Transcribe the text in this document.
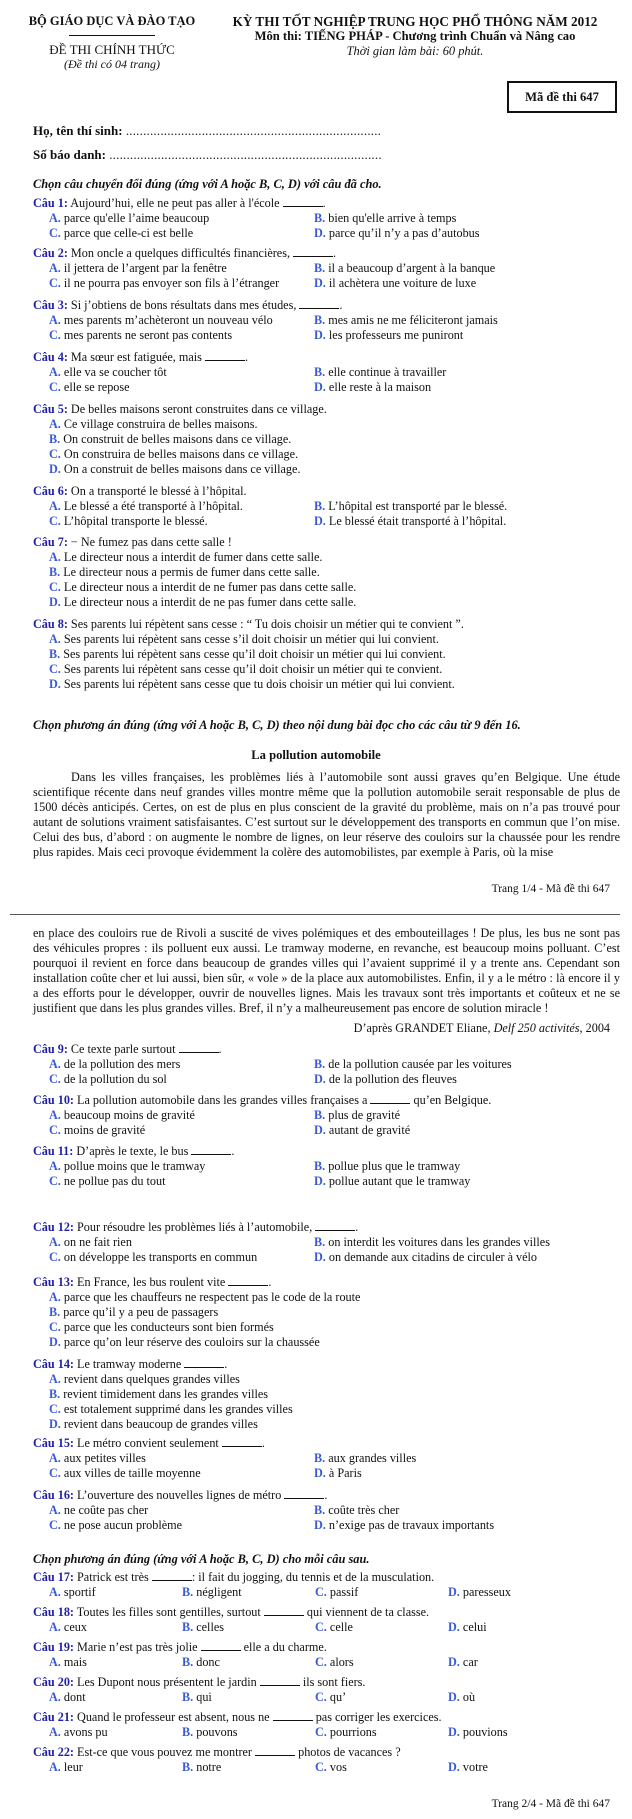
BỘ GIÁO DỤC VÀ ĐÀO TẠO
ĐỀ THI CHÍNH THỨC
(Đề thi có 04 trang)
KỲ THI TỐT NGHIỆP TRUNG HỌC PHỔ THÔNG NĂM 2012
Môn thi: TIẾNG PHÁP - Chương trình Chuẩn và Nâng cao
Thời gian làm bài: 60 phút.
Mã đề thi 647
Họ, tên thí sinh: ..........................................................................
Số báo danh: ...............................................................................
Chọn câu chuyển đổi đúng (ứng với A hoặc B, C, D) với câu đã cho.
Câu 1: Aujourd’hui, elle ne peut pas aller à l'école	.
A. parce qu'elle l’aime beaucoup	B. bien qu'elle arrive à temps
C. parce que celle-ci est belle	D. parce qu’il n’y a pas d’autobus
Câu 2: Mon oncle a quelques difficultés financières,	.
A. il jettera de l’argent par la fenêtre	B. il a beaucoup d’argent à la banque
C. il ne pourra pas envoyer son fils à l’étranger	D. il achètera une voiture de luxe
Câu 3: Si j’obtiens de bons résultats dans mes études,	.
A. mes parents m’achèteront un nouveau vélo	B. mes amis ne me féliciteront jamais
C. mes parents ne seront pas contents	D. les professeurs me puniront
Câu 4: Ma sœur est fatiguée, mais	.
A. elle va se coucher tôt	B. elle continue à travailler
C. elle se repose	D. elle reste à la maison
Câu 5: De belles maisons seront construites dans ce village.
A. Ce village construira de belles maisons.
B. On construit de belles maisons dans ce village.
C. On construira de belles maisons dans ce village.
D. On a construit de belles maisons dans ce village.
Câu 6: On a transporté le blessé à l’hôpital.
A. Le blessé a été transporté à l’hôpital.	B. L’hôpital est transporté par le blessé.
C. L’hôpital transporte le blessé.	D. Le blessé était transporté à l’hôpital.
Câu 7: − Ne fumez pas dans cette salle !
A. Le directeur nous a interdit de fumer dans cette salle.
B. Le directeur nous a permis de fumer dans cette salle.
C. Le directeur nous a interdit de ne fumer pas dans cette salle.
D. Le directeur nous a interdit de ne pas fumer dans cette salle.
Câu 8: Ses parents lui répètent sans cesse : “ Tu dois choisir un métier qui te convient ”.
A. Ses parents lui répètent sans cesse s’il doit choisir un métier qui lui convient.
B. Ses parents lui répètent sans cesse qu’il doit choisir un métier qui lui convient.
C. Ses parents lui répètent sans cesse qu’il doit choisir un métier qui te convient.
D. Ses parents lui répètent sans cesse que tu dois choisir un métier qui lui convient.
Chọn phương án đúng (ứng với A hoặc B, C, D) theo nội dung bài đọc cho các câu từ 9 đến 16.
La pollution automobile

Dans les villes françaises, les problèmes liés à l’automobile sont aussi graves qu’en Belgique. Une étude scientifique récente dans neuf grandes villes montre même que la pollution automobile serait responsable de plus de 1500 décès anticipés. Certes, on est de plus en plus conscient de la gravité du problème, mais on n’a pas trouvé pour autant de solutions vraiment satisfaisantes. C’est surtout sur le développement des transports en commun que l’on mise. Celui des bus, d’abord : on augmente le nombre de lignes, on leur réserve des couloirs sur la chaussée pour les rendre plus rapides. Mais ceci provoque évidemment la colère des automobilistes, par exemple à Paris, où la mise

Trang 1/4 - Mã đề thi 647

en place des couloirs rue de Rivoli a suscité de vives polémiques et des embouteillages ! De plus, les bus ne sont pas des véhicules propres : ils polluent eux aussi. Le tramway moderne, en revanche, est beaucoup moins polluant. C’est pourquoi il revient en force dans beaucoup de grandes villes qui l’avaient supprimé il y a trente ans. Cependant son installation coûte cher et lui aussi, bien sûr, « vole » de la place aux automobilistes. Enfin, il y a le métro : là encore il y a des efforts pour le développer, ouvrir de nouvelles lignes. Mais les travaux sont très importants et coûteux et ne se justifient que dans les plus grandes villes. Bref, il n’y a malheureusement pas encore de solution miracle !

D’après GRANDET Eliane, Delf 250 activités, 2004
Câu 9: Ce texte parle surtout	.
A. de la pollution des mers	B. de la pollution causée par les voitures
C. de la pollution du sol	D. de la pollution des fleuves
Câu 10: La pollution automobile dans les grandes villes françaises a	qu’en Belgique.
A. beaucoup moins de gravité	B. plus de gravité
C. moins de gravité	D. autant de gravité
Câu 11: D’après le texte, le bus	.
A. pollue moins que le tramway	B. pollue plus que le tramway
C. ne pollue pas du tout	D. pollue autant que le tramway
Câu 12: Pour résoudre les problèmes liés à l’automobile,	.
A. on ne fait rien	B. on interdit les voitures dans les grandes villes
C. on développe les transports en commun	D. on demande aux citadins de circuler à vélo
Câu 13: En France, les bus roulent vite	.
A. parce que les chauffeurs ne respectent pas le code de la route
B. parce qu’il y a peu de passagers
C. parce que les conducteurs sont bien formés
D. parce qu’on leur réserve des couloirs sur la chaussée
Câu 14: Le tramway moderne	.
A. revient dans quelques grandes villes
B. revient timidement dans les grandes villes
C. est totalement supprimé dans les grandes villes
D. revient dans beaucoup de grandes villes
Câu 15: Le métro convient seulement	.
A. aux petites villes	B. aux grandes villes
C. aux villes de taille moyenne	D. à Paris
Câu 16: L’ouverture des nouvelles lignes de métro	.
A. ne coûte pas cher	B. coûte très cher
C. ne pose aucun problème	D. n’exige pas de travaux importants
Chọn phương án đúng (ứng với A hoặc B, C, D) cho mỗi câu sau.
Câu 17: Patrick est très	: il fait du jogging, du tennis et de la musculation.
A. sportif	B. négligent	C. passif	D. paresseux
Câu 18: Toutes les filles sont gentilles, surtout	qui viennent de ta classe.
A. ceux	B. celles	C. celle	D. celui
Câu 19: Marie n’est pas très jolie	elle a du charme.
A. mais	B. donc	C. alors	D. car
Câu 20: Les Dupont nous présentent le jardin	ils sont fiers.
A. dont	B. qui	C. qu’	D. où
Câu 21: Quand le professeur est absent, nous ne	pas corriger les exercices.
A. avons pu	B. pouvons	C. pourrions	D. pouvions
Câu 22: Est-ce que vous pouvez me montrer	photos de vacances ?
A. leur	B. notre	C. vos	D. votre
Trang 2/4 - Mã đề thi 647
